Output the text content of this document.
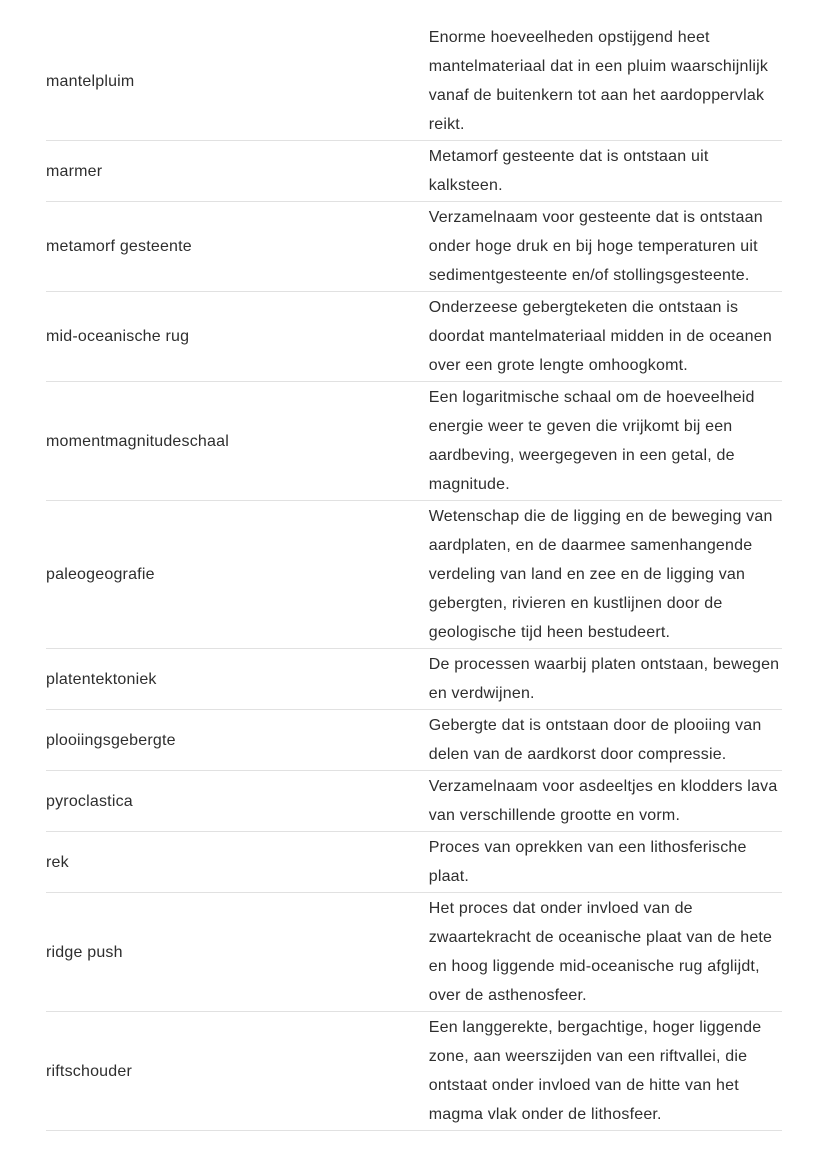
mantelpluim	Enorme hoeveelheden opstijgend heet mantelmateriaal dat in een pluim waarschijnlijk vanaf de buitenkern tot aan het aardoppervlak reikt.
marmer	Metamorf gesteente dat is ontstaan uit kalksteen.
metamorf gesteente	Verzamelnaam voor gesteente dat is ontstaan onder hoge druk en bij hoge temperaturen uit sedimentgesteente en/of stollingsgesteente.
mid-oceanische rug	Onderzeese gebergteketen die ontstaan is doordat mantelmateriaal midden in de oceanen over een grote lengte omhoogkomt.
momentmagnitudeschaal	Een logaritmische schaal om de hoeveelheid energie weer te geven die vrijkomt bij een aardbeving, weergegeven in een getal, de magnitude.
paleogeografie	Wetenschap die de ligging en de beweging van aardplaten, en de daarmee samenhangende verdeling van land en zee en de ligging van gebergten, rivieren en kustlijnen door de geologische tijd heen bestudeert.
platentektoniek	De processen waarbij platen ontstaan, bewegen en verdwijnen.
plooiingsgebergte	Gebergte dat is ontstaan door de plooiing van delen van de aardkorst door compressie.
pyroclastica	Verzamelnaam voor asdeeltjes en klodders lava van verschillende grootte en vorm.
rek	Proces van oprekken van een lithosferische plaat.
ridge push	Het proces dat onder invloed van de zwaartekracht de oceanische plaat van de hete en hoog liggende mid-oceanische rug afglijdt, over de asthenosfeer.
riftschouder	Een langgerekte, bergachtige, hoger liggende zone, aan weerszijden van een riftvallei, die ontstaat onder invloed van de hitte van het magma vlak onder de lithosfeer.
